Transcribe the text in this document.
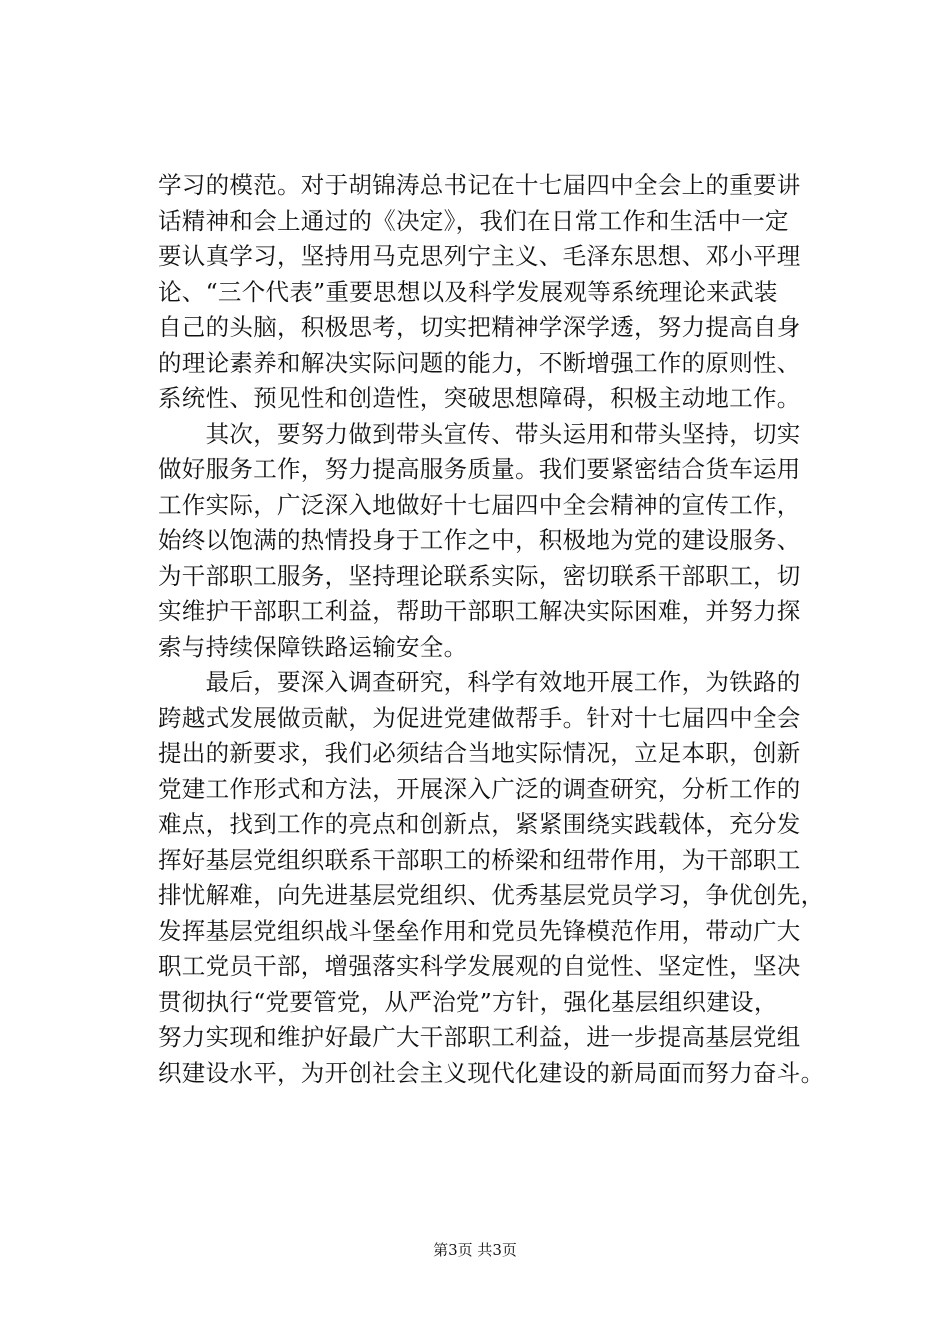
学习的模范。对于胡锦涛总书记在十七届四中全会上的重要讲
话精神和会上通过的《决定》，我们在日常工作和生活中一定
要认真学习，坚持用马克思列宁主义、毛泽东思想、邓小平理
论、“三个代表”重要思想以及科学发展观等系统理论来武装
自己的头脑，积极思考，切实把精神学深学透，努力提高自身
的理论素养和解决实际问题的能力，不断增强工作的原则性、
系统性、预见性和创造性，突破思想障碍，积极主动地工作。
　　其次，要努力做到带头宣传、带头运用和带头坚持，切实
做好服务工作，努力提高服务质量。我们要紧密结合货车运用
工作实际，广泛深入地做好十七届四中全会精神的宣传工作，
始终以饱满的热情投身于工作之中，积极地为党的建设服务、
为干部职工服务，坚持理论联系实际，密切联系干部职工，切
实维护干部职工利益，帮助干部职工解决实际困难，并努力探
索与持续保障铁路运输安全。
　　最后，要深入调查研究，科学有效地开展工作，为铁路的
跨越式发展做贡献，为促进党建做帮手。针对十七届四中全会
提出的新要求，我们必须结合当地实际情况，立足本职，创新
党建工作形式和方法，开展深入广泛的调查研究，分析工作的
难点，找到工作的亮点和创新点，紧紧围绕实践载体，充分发
挥好基层党组织联系干部职工的桥梁和纽带作用，为干部职工
排忧解难，向先进基层党组织、优秀基层党员学习，争优创先，
发挥基层党组织战斗堡垒作用和党员先锋模范作用，带动广大
职工党员干部，增强落实科学发展观的自觉性、坚定性，坚决
贯彻执行“党要管党，从严治党”方针，强化基层组织建设，
努力实现和维护好最广大干部职工利益，进一步提高基层党组
织建设水平，为开创社会主义现代化建设的新局面而努力奋斗。
第3页 共3页
